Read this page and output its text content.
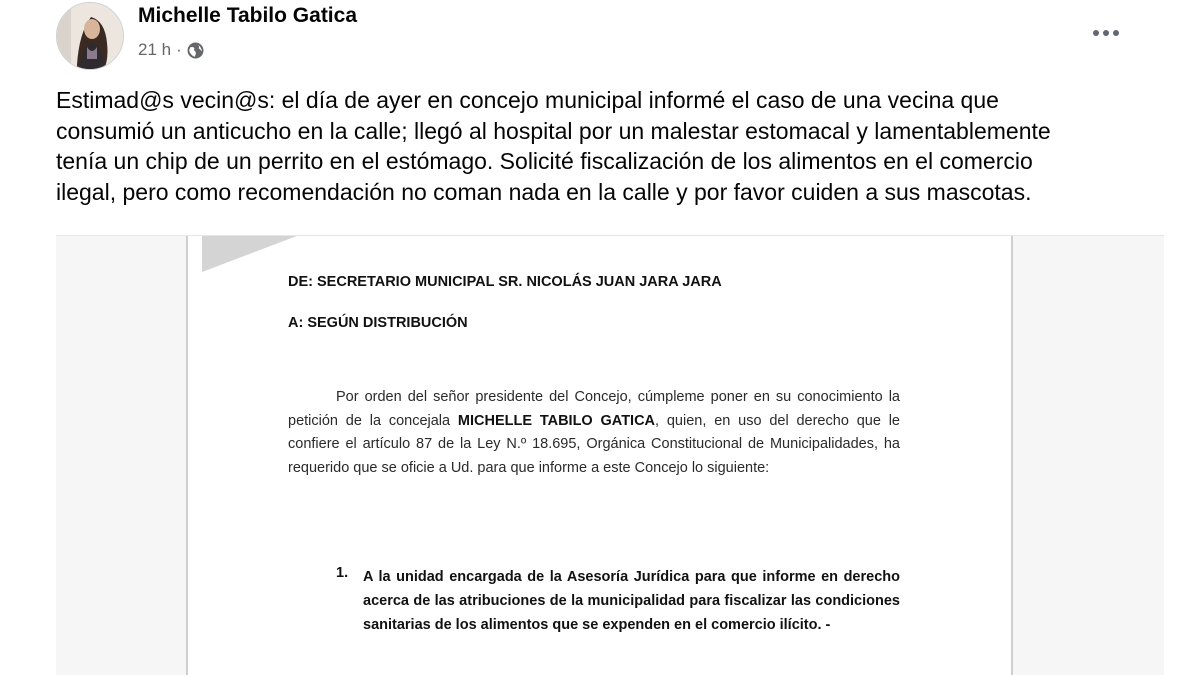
Michelle Tabilo Gatica
21 h ·

Estimad@s vecin@s: el día de ayer en concejo municipal informé el caso de una vecina que

consumió un anticucho en la calle; llegó al hospital por un malestar estomacal y lamentablemente

tenía un chip de un perrito en el estómago. Solicité fiscalización de los alimentos en el comercio

ilegal, pero como recomendación no coman nada en la calle y por favor cuiden a sus mascotas.

DE: SECRETARIO MUNICIPAL SR. NICOLÁS JUAN JARA JARA
A: SEGÚN DISTRIBUCIÓN
Por orden del señor presidente del Concejo, cúmpleme poner en su conocimiento la petición de la concejala MICHELLE TABILO GATICA, quien, en uso del derecho que le confiere el artículo 87 de la Ley N.º 18.695, Orgánica Constitucional de Municipalidades, ha requerido que se oficie a Ud. para que informe a este Concejo lo siguiente:
1. A la unidad encargada de la Asesoría Jurídica para que informe en derecho acerca de las atribuciones de la municipalidad para fiscalizar las condiciones sanitarias de los alimentos que se expenden en el comercio ilícito. -
